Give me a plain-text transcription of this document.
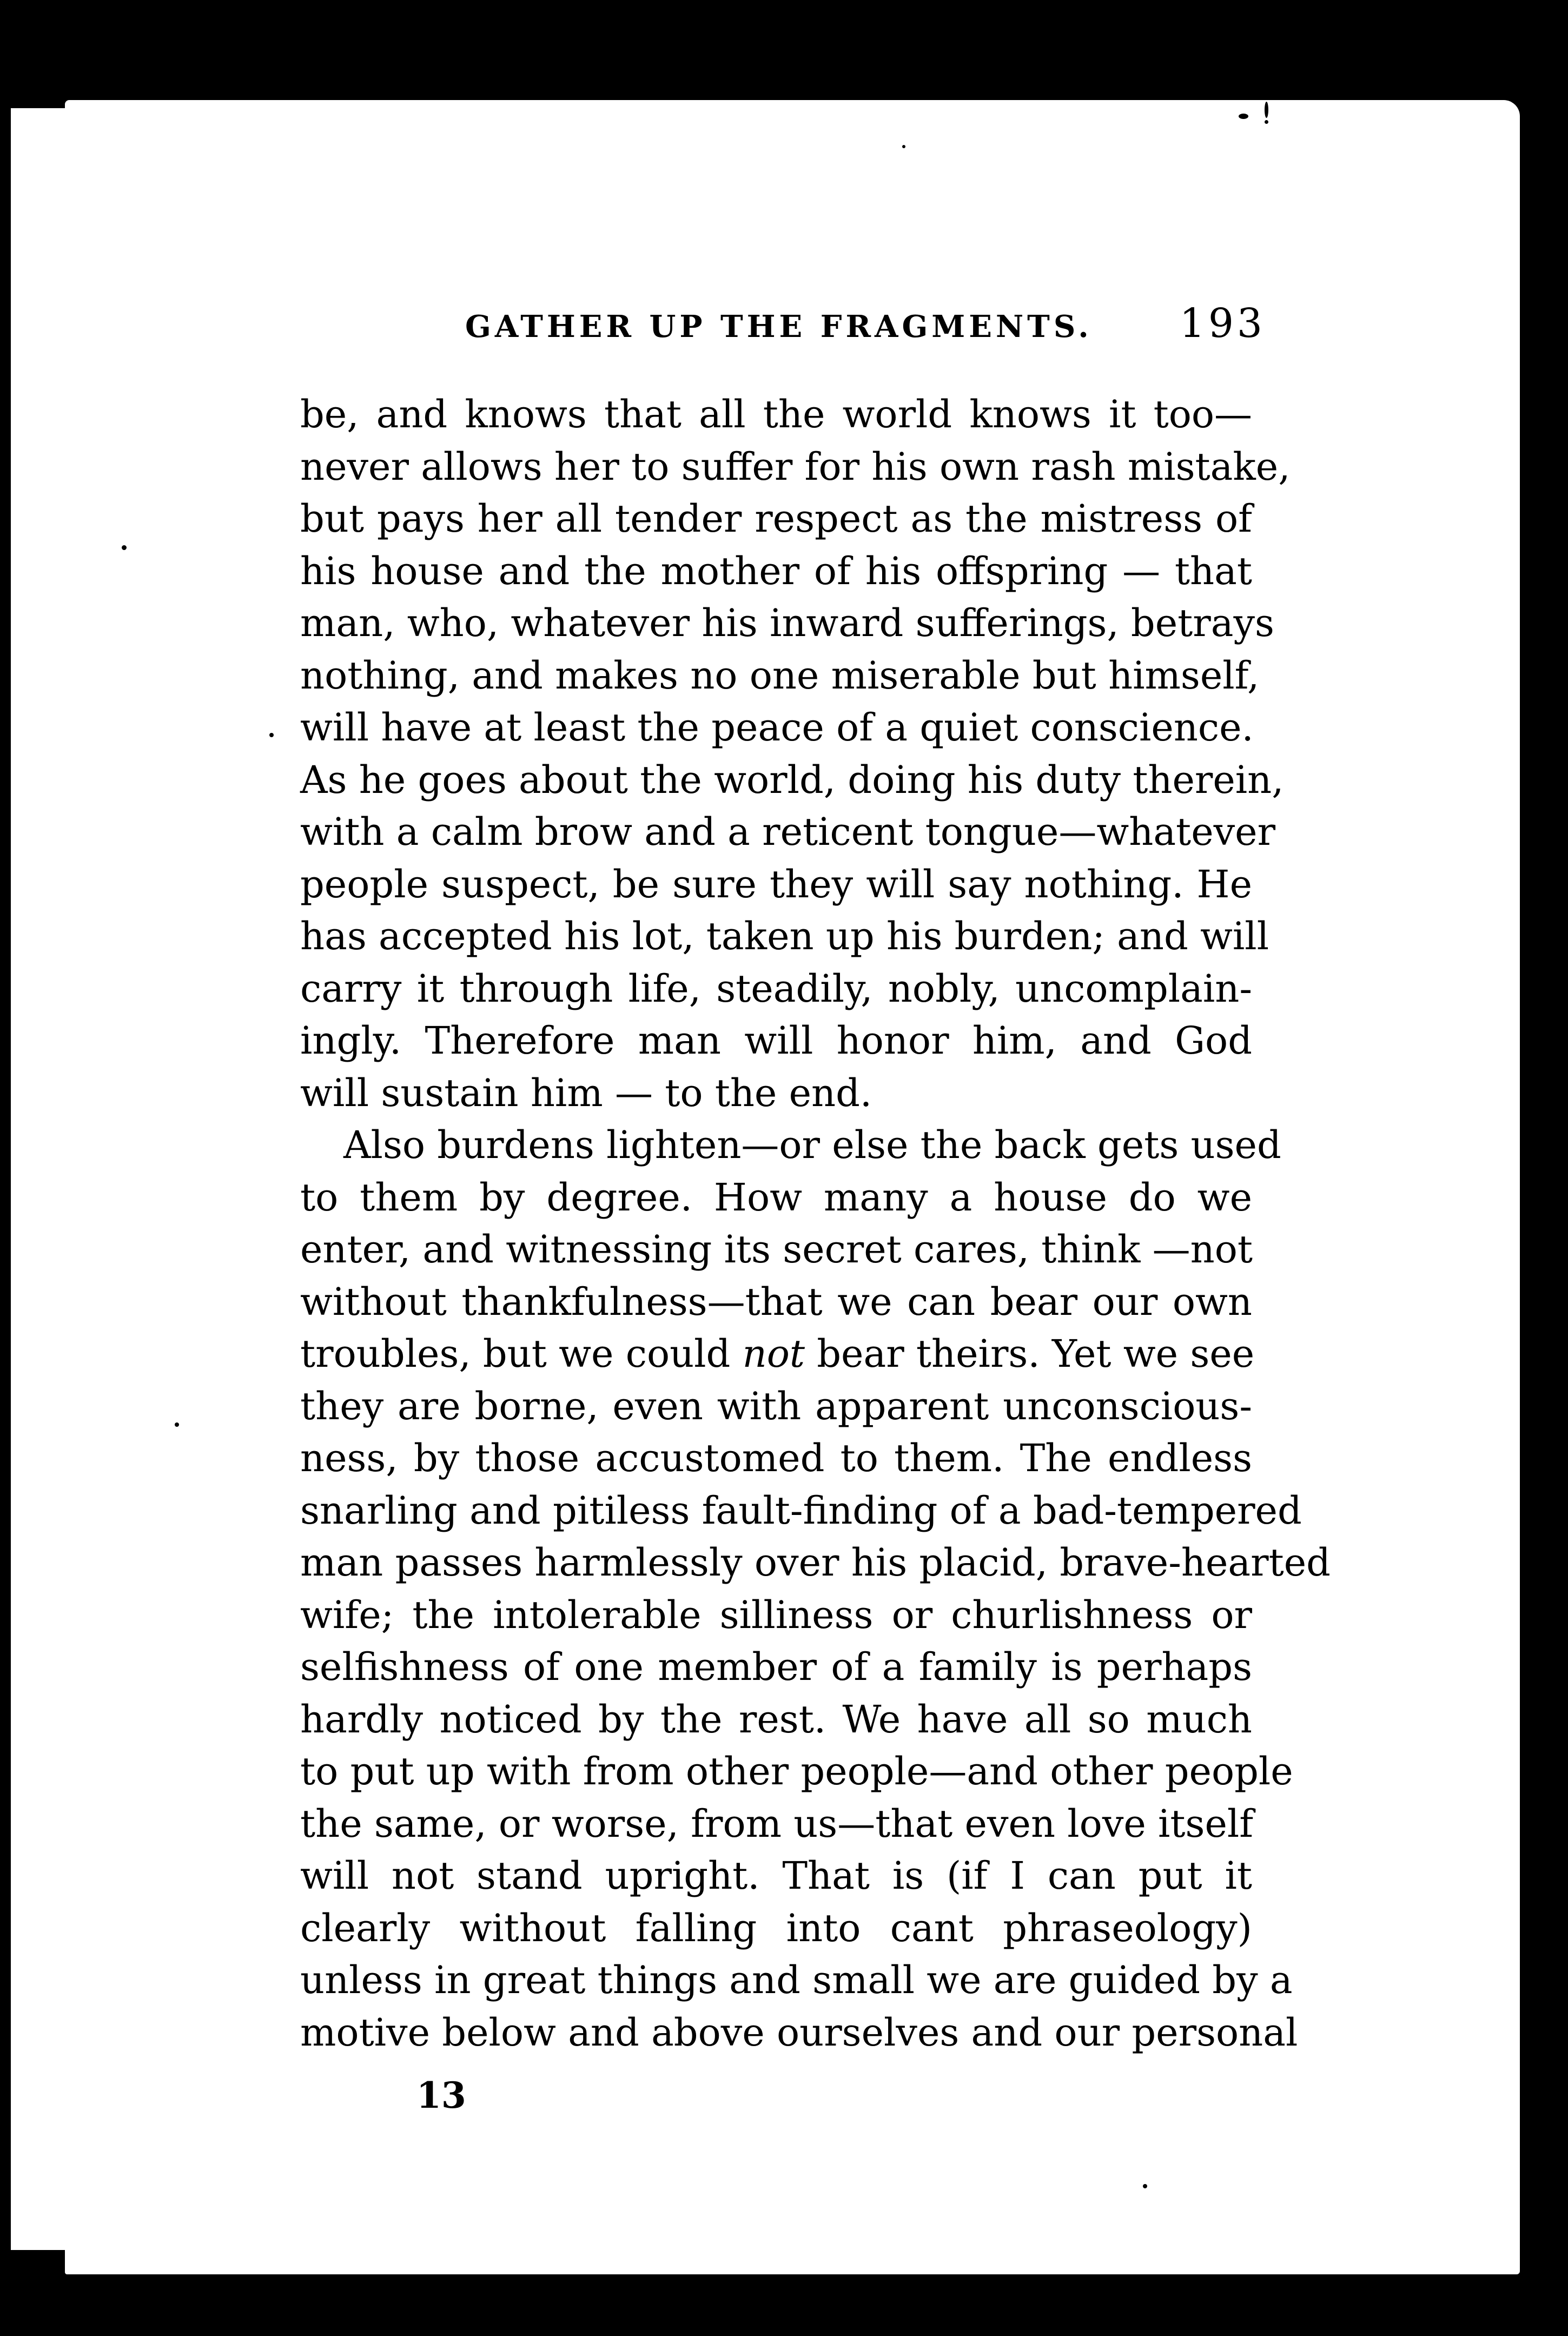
GATHER UP THE FRAGMENTS. 193
be, and knows that all the world knows it too—
never allows her to suffer for his own rash mistake,
but pays her all tender respect as the mistress of
his house and the mother of his offspring — that
man, who, whatever his inward sufferings, betrays
nothing, and makes no one miserable but himself,
will have at least the peace of a quiet conscience.
As he goes about the world, doing his duty therein,
with a calm brow and a reticent tongue—whatever
people suspect, be sure they will say nothing. He
has accepted his lot, taken up his burden; and will
carry it through life, steadily, nobly, uncomplain-
ingly. Therefore man will honor him, and God
will sustain him — to the end.
Also burdens lighten—or else the back gets used
to them by degree. How many a house do we
enter, and witnessing its secret cares, think —not
without thankfulness—that we can bear our own
troubles, but we could not bear theirs. Yet we see
they are borne, even with apparent unconscious-
ness, by those accustomed to them. The endless
snarling and pitiless fault-finding of a bad-tempered
man passes harmlessly over his placid, brave-hearted
wife; the intolerable silliness or churlishness or
selfishness of one member of a family is perhaps
hardly noticed by the rest. We have all so much
to put up with from other people—and other people
the same, or worse, from us—that even love itself
will not stand upright. That is (if I can put it
clearly without falling into cant phraseology)
unless in great things and small we are guided by a
motive below and above ourselves and our personal
13
